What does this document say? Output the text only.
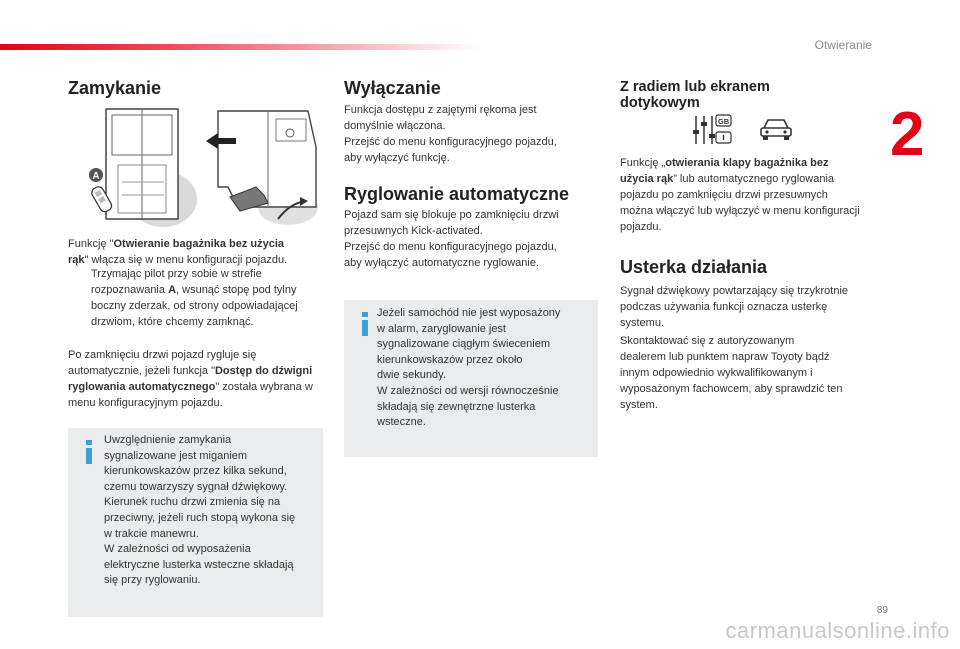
Otwieranie
2
Zamykanie
A

Funkcję "Otwieranie bagażnika bez użycia
rąk" włącza się w menu konfiguracji pojazdu.

Trzymając pilot przy sobie w strefie rozpoznawania A, wsunąć stopę pod tylny boczny zderzak, od strony odpowiadającej drzwiom, które chcemy zamknąć.

Po zamknięciu drzwi pojazd rygluje się automatycznie, jeżeli funkcja "Dostęp do dźwigni ryglowania automatycznego" została wybrana w menu konfiguracyjnym pojazdu.

Uwzględnienie zamykania
sygnalizowane jest miganiem
kierunkowskazów przez kilka sekund,
czemu towarzyszy sygnał dźwiękowy.
Kierunek ruchu drzwi zmienia się na
przeciwny, jeżeli ruch stopą wykona się
w trakcie manewru.
W zależności od wyposażenia
elektryczne lusterka wsteczne składają
się przy ryglowaniu.
Wyłączanie

Funkcja dostępu z zajętymi rękoma jest
domyślnie włączona.
Przejść do menu konfiguracyjnego pojazdu,
aby wyłączyć funkcję.

Ryglowanie automatyczne

Pojazd sam się blokuje po zamknięciu drzwi
przesuwnych Kick-activated.
Przejść do menu konfiguracyjnego pojazdu,
aby wyłączyć automatyczne ryglowanie.

Jeżeli samochód nie jest wyposażony
w alarm, zaryglowanie jest
sygnalizowane ciągłym świeceniem
kierunkowskazów przez około
dwie sekundy.
W zależności od wersji równocześnie
składają się zewnętrzne lusterka
wsteczne.
Z radiem lub ekranem
dotykowym
GB

Funkcję „otwierania klapy bagażnika bez użycia rąk” lub automatycznego ryglowania pojazdu po zamknięciu drzwi przesuwnych można włączyć lub wyłączyć w menu konfiguracji pojazdu.

Usterka działania

Sygnał dźwiękowy powtarzający się trzykrotnie
podczas używania funkcji oznacza usterkę
systemu.

Skontaktować się z autoryzowanym
dealerem lub punktem napraw Toyoty bądź
innym odpowiednio wykwalifikowanym i
wyposażonym fachowcem, aby sprawdzić ten
system.

89
carmanualsonline.info
